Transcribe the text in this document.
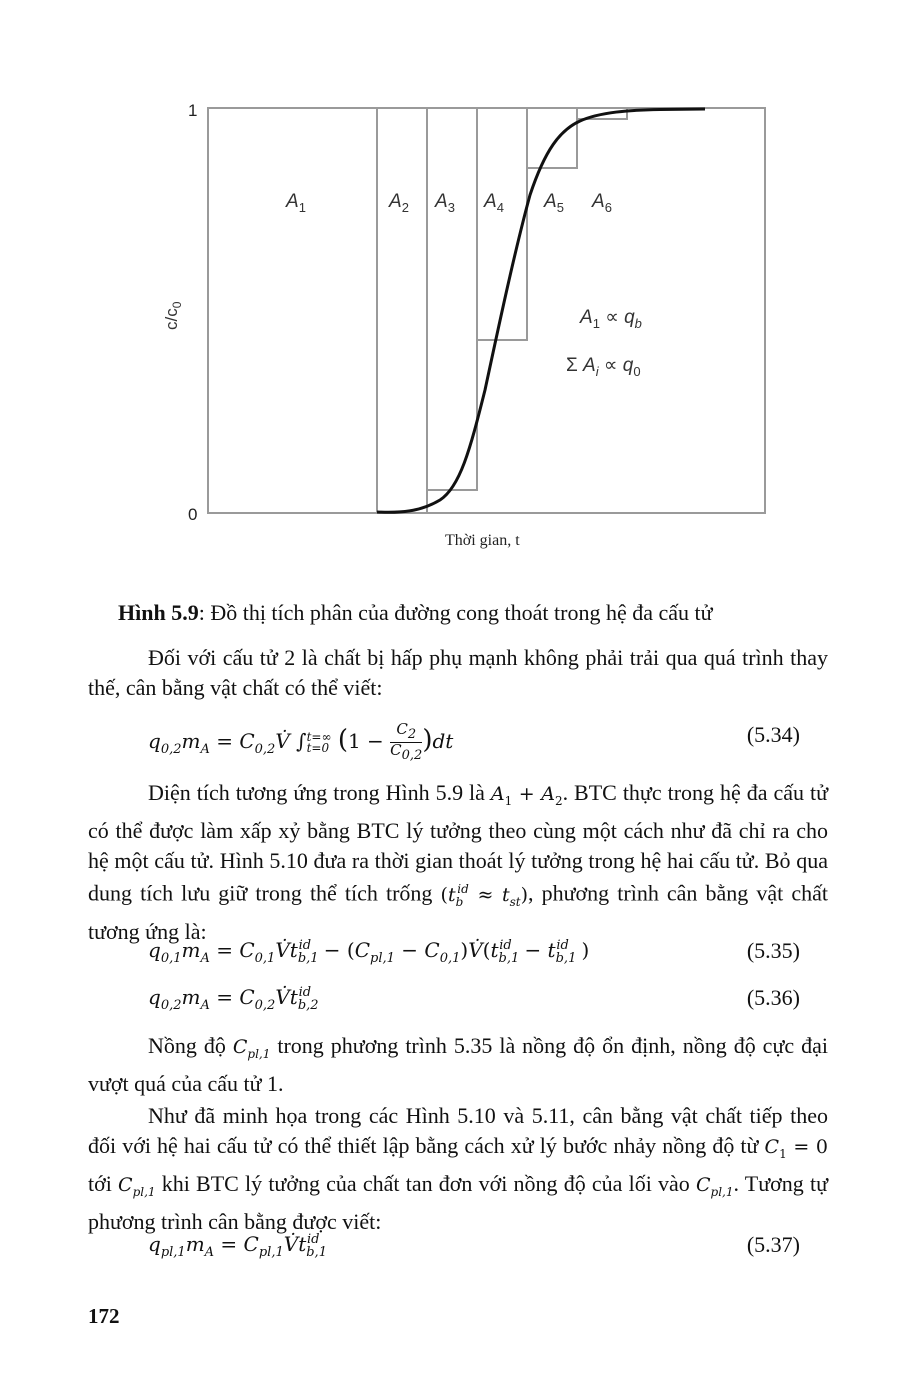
1
0
$c/c_0$
$A_1$	$A_2$ $A_3$ $A_4$ $A_5$ $A_6$
$A_1 \propto q_b$
Σ $A_i \propto q_0$
Thời gian, t
Hình 5.9: Đồ thị tích phân của đường cong thoát trong hệ đa cấu tử
Đối với cấu tử 2 là chất bị hấp phụ mạnh không phải trải qua quá trình thay thế, cân bằng vật chất có thể viết:
$q_{0,2}m_A$ = $C_{0,2}V̇$ ∫ t=∞
t=0 $(1 - \frac{C_2}{C_{0,2}} )dt$	(5.34)
Diện tích tương ứng trong Hình 5.9 là $A_1 + A_2$. BTC thực trong hệ đa cấu tử có thể được làm xấp xỷ bằng BTC lý tưởng theo cùng một cách như đã chỉ ra cho hệ một cấu tử. Hình 5.10 đưa ra thời gian thoát lý tưởng trong hệ hai cấu tử. Bỏ qua dung tích lưu giữ trong thể tích trống $(t_b^{id} \approx t_{st})$, phương trình cân bằng vật chất tương ứng là:
$q_{0,1}m_A$ = $C_{0,1}V̇t_{b,1}^{id} - (C_{pl,1}$ − $C_{0,1})V̇(t_{b,1}^{id} - t_{b,1}^{id}$ )	(5.35)
$q_{0,2}m_A$ = $C_{0,2}V̇t_{b,2}^{id}$	(5.36)
Nồng độ $C_{pl,1}$ trong phương trình 5.35 là nồng độ ổn định, nồng độ cực đại vượt quá của cấu tử 1.
Như đã minh họa trong các Hình 5.10 và 5.11, cân bằng vật chất tiếp theo đối với hệ hai cấu tử có thể thiết lập bằng cách xử lý bước nhảy nồng độ từ $C_1 = 0$ tới $C_{pl,1}$ khi BTC lý tưởng của chất tan đơn với nồng độ của lối vào $C_{pl,1}$. Tương tự phương trình cân bằng được viết:
$q_{pl,1}m_A$ = $C_{pl,1}V̇t_{b,1}^{id}$	(5.37)
172
